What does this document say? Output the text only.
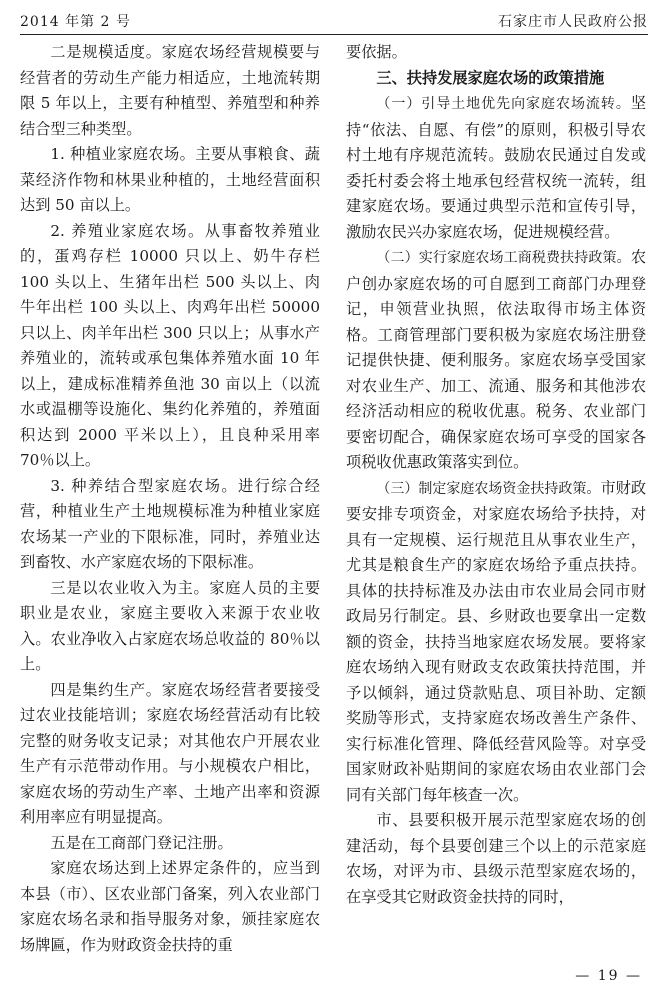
2014 年第 2 号	石家庄市人民政府公报

二是规模适度。家庭农场经营规模要与经营者的劳动生产能力相适应，土地流转期限 5 年以上，主要有种植型、养殖型和种养结合型三种类型。

1. 种植业家庭农场。主要从事粮食、蔬菜经济作物和林果业种植的，土地经营面积达到 50 亩以上。

2. 养殖业家庭农场。从事畜牧养殖业的，蛋鸡存栏 10000 只以上、奶牛存栏 100 头以上、生猪年出栏 500 头以上、肉牛年出栏 100 头以上、肉鸡年出栏 50000 只以上、肉羊年出栏 300 只以上；从事水产养殖业的，流转或承包集体养殖水面 10 年以上，建成标准精养鱼池 30 亩以上（以流水或温棚等设施化、集约化养殖的，养殖面积达到 2000 平米以上），且良种采用率 70％以上。

3. 种养结合型家庭农场。进行综合经营，种植业生产土地规模标准为种植业家庭农场某一产业的下限标准，同时，养殖业达到畜牧、水产家庭农场的下限标准。

三是以农业收入为主。家庭人员的主要职业是农业，家庭主要收入来源于农业收入。农业净收入占家庭农场总收益的 80％以上。

四是集约生产。家庭农场经营者要接受过农业技能培训；家庭农场经营活动有比较完整的财务收支记录；对其他农户开展农业生产有示范带动作用。与小规模农户相比，家庭农场的劳动生产率、土地产出率和资源利用率应有明显提高。

五是在工商部门登记注册。

家庭农场达到上述界定条件的，应当到本县（市）、区农业部门备案，列入农业部门家庭农场名录和指导服务对象，颁挂家庭农场牌匾，作为财政资金扶持的重

要依据。

三、扶持发展家庭农场的政策措施

（一）引导土地优先向家庭农场流转。坚持“依法、自愿、有偿”的原则，积极引导农村土地有序规范流转。鼓励农民通过自发或委托村委会将土地承包经营权统一流转，组建家庭农场。要通过典型示范和宣传引导，激励农民兴办家庭农场，促进规模经营。

（二）实行家庭农场工商税费扶持政策。农户创办家庭农场的可自愿到工商部门办理登记，申领营业执照，依法取得市场主体资格。工商管理部门要积极为家庭农场注册登记提供快捷、便利服务。家庭农场享受国家对农业生产、加工、流通、服务和其他涉农经济活动相应的税收优惠。税务、农业部门要密切配合，确保家庭农场可享受的国家各项税收优惠政策落实到位。

（三）制定家庭农场资金扶持政策。市财政要安排专项资金，对家庭农场给予扶持，对具有一定规模、运行规范且从事农业生产，尤其是粮食生产的家庭农场给予重点扶持。具体的扶持标准及办法由市农业局会同市财政局另行制定。县、乡财政也要拿出一定数额的资金，扶持当地家庭农场发展。要将家庭农场纳入现有财政支农政策扶持范围，并予以倾斜，通过贷款贴息、项目补助、定额奖励等形式，支持家庭农场改善生产条件、实行标准化管理、降低经营风险等。对享受国家财政补贴期间的家庭农场由农业部门会同有关部门每年核查一次。

市、县要积极开展示范型家庭农场的创建活动，每个县要创建三个以上的示范家庭农场，对评为市、县级示范型家庭农场的，在享受其它财政资金扶持的同时，

— 19 —
